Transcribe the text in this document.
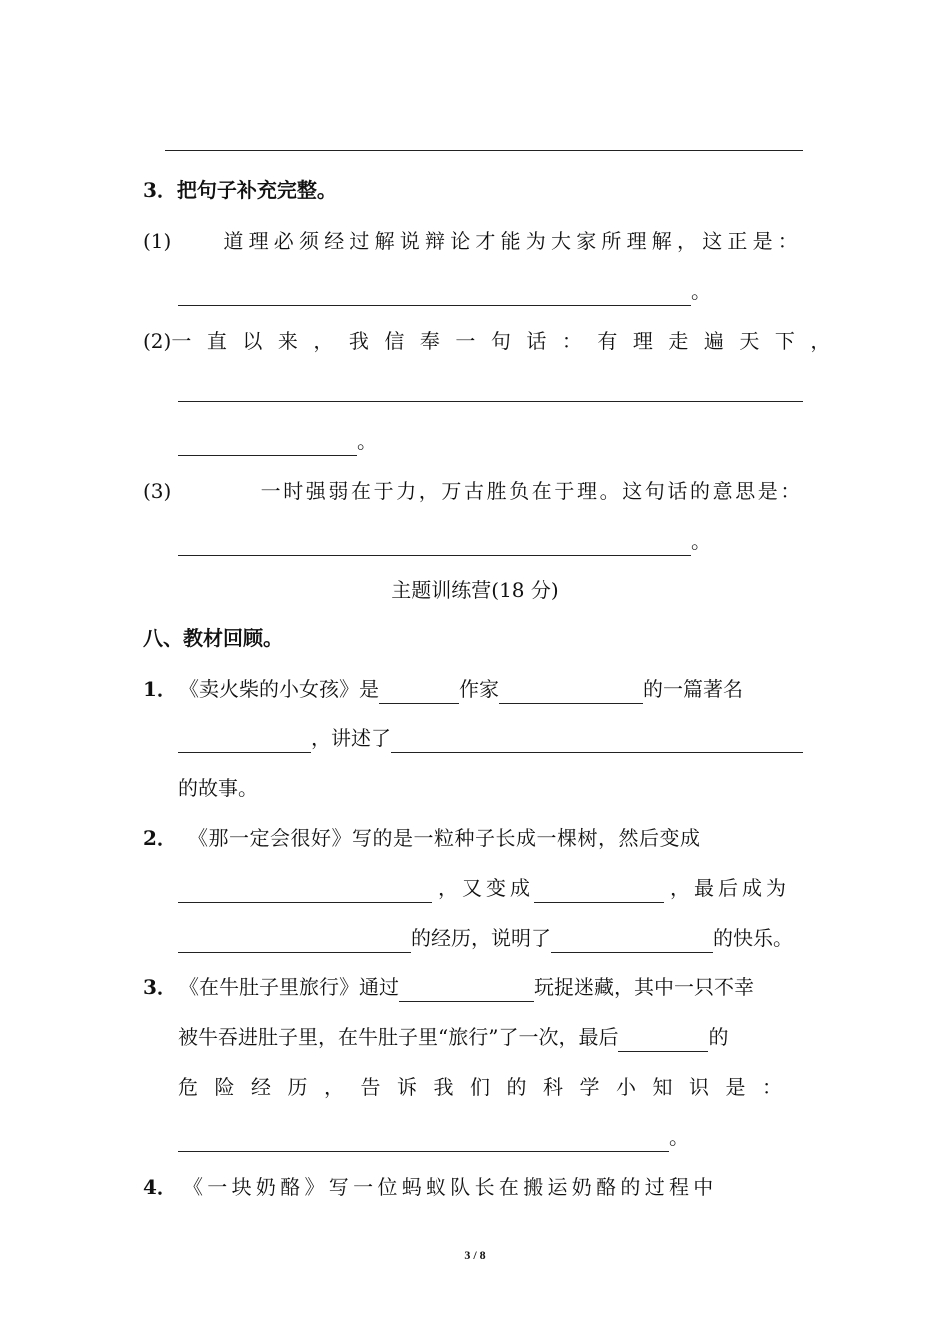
3．把句子补充完整。
(1)	道理必须经过解说辩论才能为大家所理解，这正是：
。
(2) 一直以来，我信奉一句话：有理走遍天下，
。
(3)	一时强弱在于力，万古胜负在于理。这句话的意思是：
。
主题训练营(18 分)
八、教材回顾。
1． 《卖火柴的小女孩》是	作家	的一篇著名
，讲述了
的故事。
2． 《那一定会很好》写的是一粒种子长成一棵树，然后变成
，又变成	，最后成为
的经历，说明了	的快乐。
3． 《在牛肚子里旅行》通过	玩捉迷藏，其中一只不幸
被牛吞进肚子里，在牛肚子里“旅行”了一次，最后	的
危险经历，告诉我们的科学小知识是：
。
4． 《一块奶酪》写一位蚂蚁队长在搬运奶酪的过程中
3 / 8
